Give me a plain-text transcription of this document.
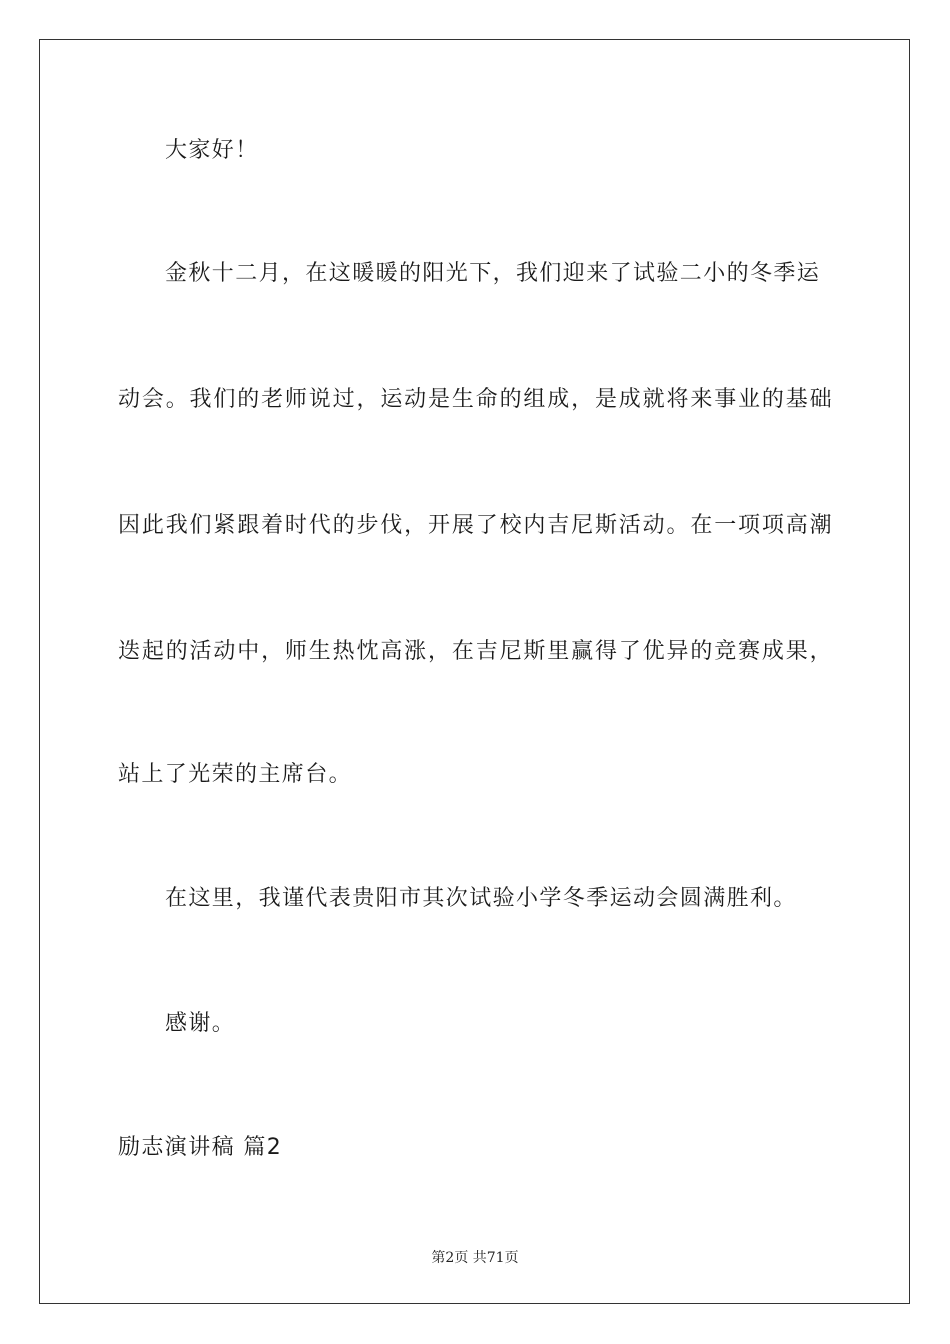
大家好！
金秋十二月，在这暖暖的阳光下，我们迎来了试验二小的冬季运
动会。我们的老师说过，运动是生命的组成，是成就将来事业的基础
因此我们紧跟着时代的步伐，开展了校内吉尼斯活动。在一项项高潮
迭起的活动中，师生热忱高涨，在吉尼斯里赢得了优异的竞赛成果，
站上了光荣的主席台。
在这里，我谨代表贵阳市其次试验小学冬季运动会圆满胜利。
感谢。
励志演讲稿 篇2
第2页 共71页
